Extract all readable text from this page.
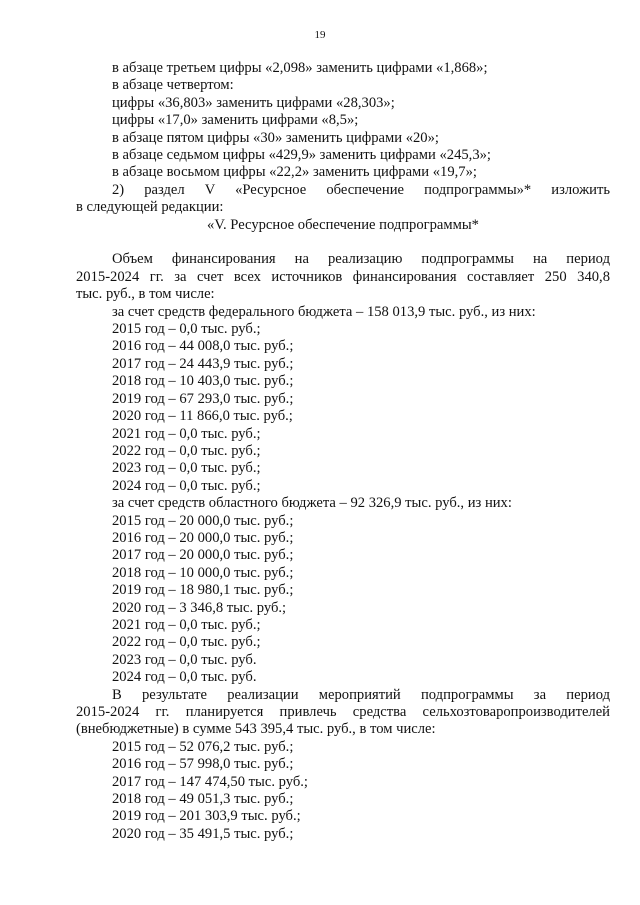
19
в абзаце третьем цифры «2,098» заменить цифрами «1,868»;
в абзаце четвертом:
цифры «36,803» заменить цифрами «28,303»;
цифры «17,0» заменить цифрами «8,5»;
в абзаце пятом цифры «30» заменить цифрами «20»;
в абзаце седьмом цифры «429,9» заменить цифрами «245,3»;
в абзаце восьмом цифры «22,2» заменить цифрами «19,7»;
2) раздел V «Ресурсное обеспечение подпрограммы»* изложить
в следующей редакции:
«V. Ресурсное обеспечение подпрограммы*
Объем финансирования на реализацию подпрограммы на период
2015-2024 гг. за счет всех источников финансирования составляет 250 340,8
тыс. руб., в том числе:
за счет средств федерального бюджета – 158 013,9 тыс. руб., из них:
2015 год – 0,0 тыс. руб.;
2016 год – 44 008,0 тыс. руб.;
2017 год – 24 443,9 тыс. руб.;
2018 год – 10 403,0 тыс. руб.;
2019 год – 67 293,0 тыс. руб.;
2020 год – 11 866,0 тыс. руб.;
2021 год – 0,0 тыс. руб.;
2022 год – 0,0 тыс. руб.;
2023 год – 0,0 тыс. руб.;
2024 год – 0,0 тыс. руб.;
за счет средств областного бюджета – 92 326,9 тыс. руб., из них:
2015 год – 20 000,0 тыс. руб.;
2016 год – 20 000,0 тыс. руб.;
2017 год – 20 000,0 тыс. руб.;
2018 год – 10 000,0 тыс. руб.;
2019 год – 18 980,1 тыс. руб.;
2020 год – 3 346,8 тыс. руб.;
2021 год – 0,0 тыс. руб.;
2022 год – 0,0 тыс. руб.;
2023 год – 0,0 тыс. руб.
2024 год – 0,0 тыс. руб.
В результате реализации мероприятий подпрограммы за период
2015-2024 гг. планируется привлечь средства сельхозтоваропроизводителей
(внебюджетные) в сумме 543 395,4 тыс. руб., в том числе:
2015 год – 52 076,2 тыс. руб.;
2016 год – 57 998,0 тыс. руб.;
2017 год – 147 474,50 тыс. руб.;
2018 год – 49 051,3 тыс. руб.;
2019 год – 201 303,9 тыс. руб.;
2020 год – 35 491,5 тыс. руб.;
